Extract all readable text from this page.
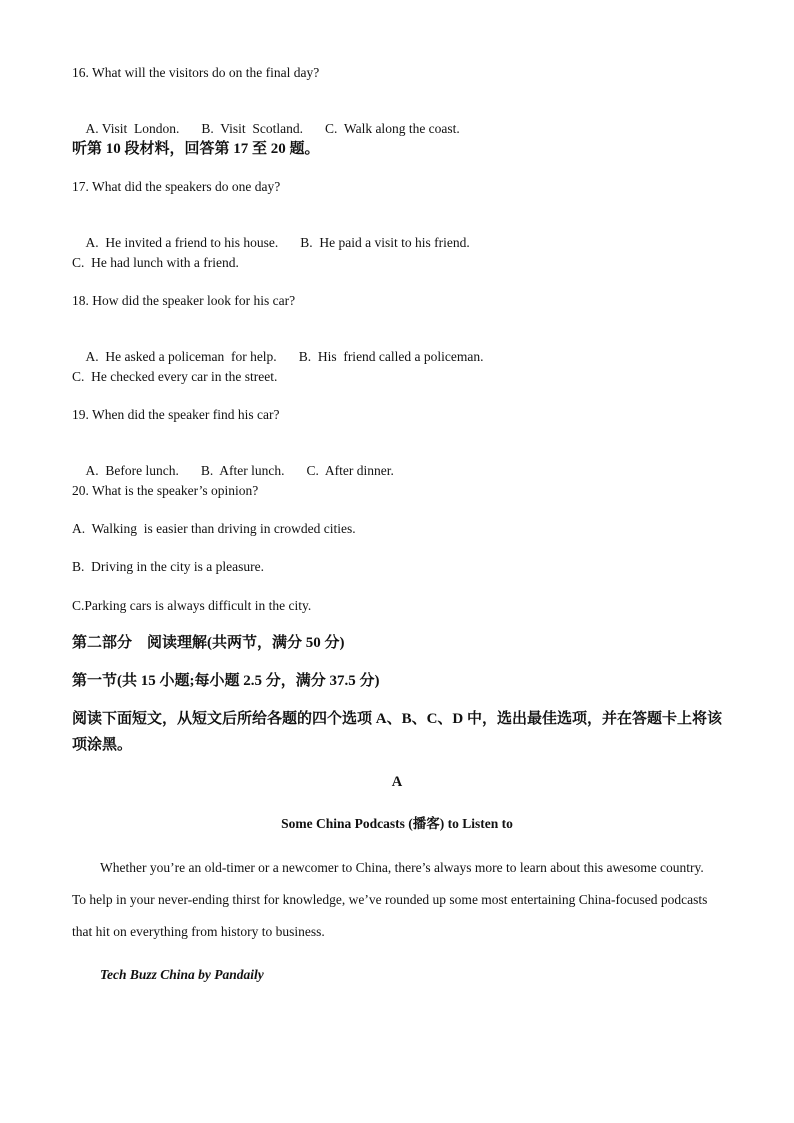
16. What will the visitors do on the final day?

A. Visit  London. B.  Visit  Scotland. C.  Walk along the coast.

听第 10 段材料，回答第 17 至 20 题。
17. What did the speakers do one day?

A.  He invited a friend to his house. B.  He paid a visit to his friend.

C.  He had lunch with a friend.
18. How did the speaker look for his car?

A.  He asked a policeman  for help. B.  His  friend called a policeman.

C.  He checked every car in the street.
19. When did the speaker find his car?

A.  Before lunch. B.  After lunch. C.  After dinner.

20. What is the speaker’s opinion?
A.  Walking  is easier than driving in crowded cities.
B.  Driving in the city is a pleasure.
C.Parking cars is always difficult in the city.
第二部分    阅读理解(共两节，满分 50 分)
第一节(共 15 小题;每小题 2.5 分，满分 37.5 分)
阅读下面短文，从短文后所给各题的四个选项 A、B、C、D 中，选出最佳选项，并在答题卡上将该项涂黑。
A
Some China Podcasts (播客) to Listen to
Whether you’re an old-timer or a newcomer to China, there’s always more to learn about this awesome country. To help in your never-ending thirst for knowledge, we’ve rounded up some most entertaining China-focused podcasts that hit on everything from history to business.
Tech Buzz China by Pandaily
